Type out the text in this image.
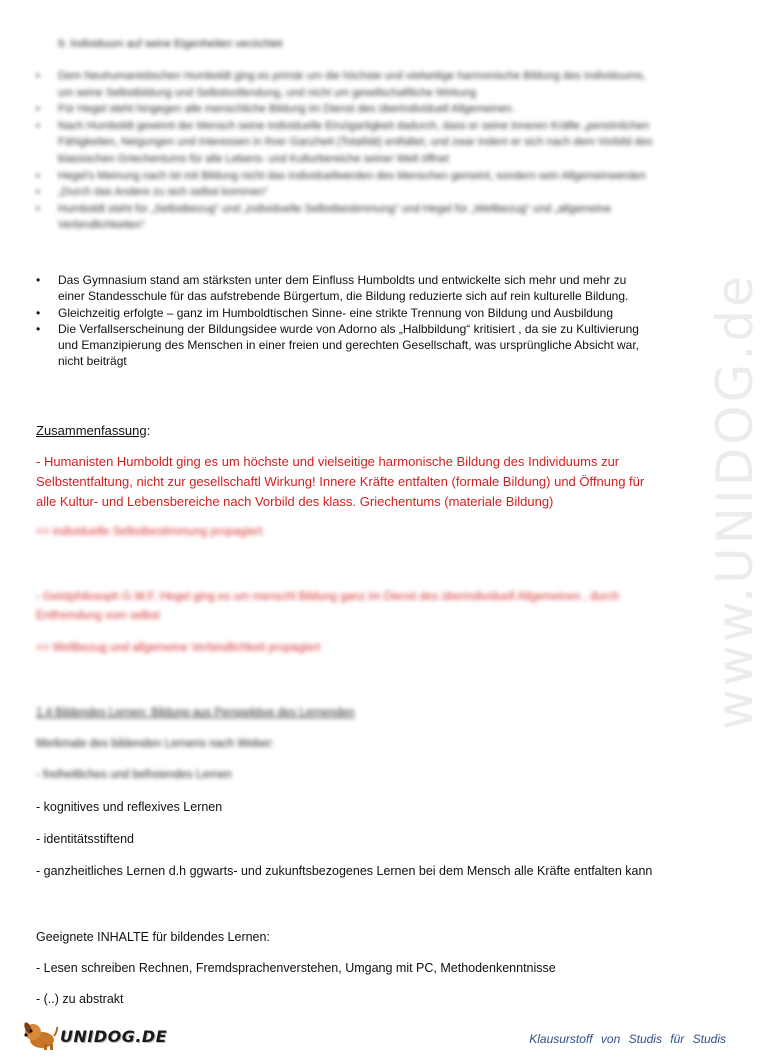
www.UNIDOG.de
9. Individuum auf seine Eigenheiten verzichtet
• Dem Neuhumanistischen Humboldt ging es primär um die höchste und vielseitige harmonische Bildung des Individuums, um seine Selbstbildung und Selbstvollendung, und nicht um gesellschaftliche Wirkung
• Für Hegel steht hingegen alle menschliche Bildung im Dienst des überindividuell Allgemeinen.
• Nach Humboldt gewinnt der Mensch seine individuelle Einzigartigkeit dadurch, dass er seine inneren Kräfte „persönlichen Fähigkeiten, Neigungen und Interessen in ihrer Ganzheit (Totalität) entfaltet, und zwar indem er sich nach dem Vorbild des klassischen Griechentums für alle Lebens- und Kulturbereiche seiner Welt öffnet
• Hegel's Meinung nach ist mit Bildung nicht das Individuellwerden des Menschen gemeint, sondern sein Allgemeinwerden
• „Durch das Andere zu sich selbst kommen“
• Humboldt steht für „Selbstbezug“ und „individuelle Selbstbestimmung“ und Hegel für „Weltbezug“ und „allgemeine Verbindlichkeiten“
• Das Gymnasium stand am stärksten unter dem Einfluss Humboldts und entwickelte sich mehr und mehr zu einer Standesschule für das aufstrebende Bürgertum, die Bildung reduzierte sich auf rein kulturelle Bildung.
• Gleichzeitig erfolgte – ganz im Humboldtischen Sinne- eine strikte Trennung von Bildung und Ausbildung
• Die Verfallserscheinung der Bildungsidee wurde von Adorno als „Halbbildung“ kritisiert , da sie zu Kultivierung und Emanzipierung des Menschen in einer freien und gerechten Gesellschaft, was ursprüngliche Absicht war, nicht beiträgt
Zusammenfassung:
- Humanisten Humboldt ging es um höchste und vielseitige harmonische Bildung des Individuums zur Selbstentfaltung, nicht zur gesellschaftl Wirkung! Innere Kräfte entfalten (formale Bildung) und Öffnung für alle Kultur- und Lebensbereiche nach Vorbild des klass. Griechentums (materiale Bildung)
=> individuelle Selbstbestimmung propagiert
- Geistphilosoph G.W.F. Hegel ging es um menschl Bildung ganz im Dienst des überindividuell Allgemeinen , durch Entfremdung vom selbst
=> Weltbezug und allgemeine Verbindlichkeit propagiert
1.4 Bildendes Lernen: Bildung aus Perspektive des Lernenden
Merkmale des bildenden Lernens nach Weber:
- freiheitliches und befreiendes Lernen
- kognitives und reflexives Lernen
- identitätsstiftend
- ganzheitliches Lernen d.h ggwarts- und zukunftsbezogenes Lernen bei dem Mensch alle Kräfte entfalten kann
Geeignete INHALTE für bildendes Lernen:
- Lesen schreiben Rechnen, Fremdsprachenverstehen, Umgang mit PC, Methodenkenntnisse
- (..) zu abstrakt
UNIDOG.DE	Klausurstoff von Studis für Studis
